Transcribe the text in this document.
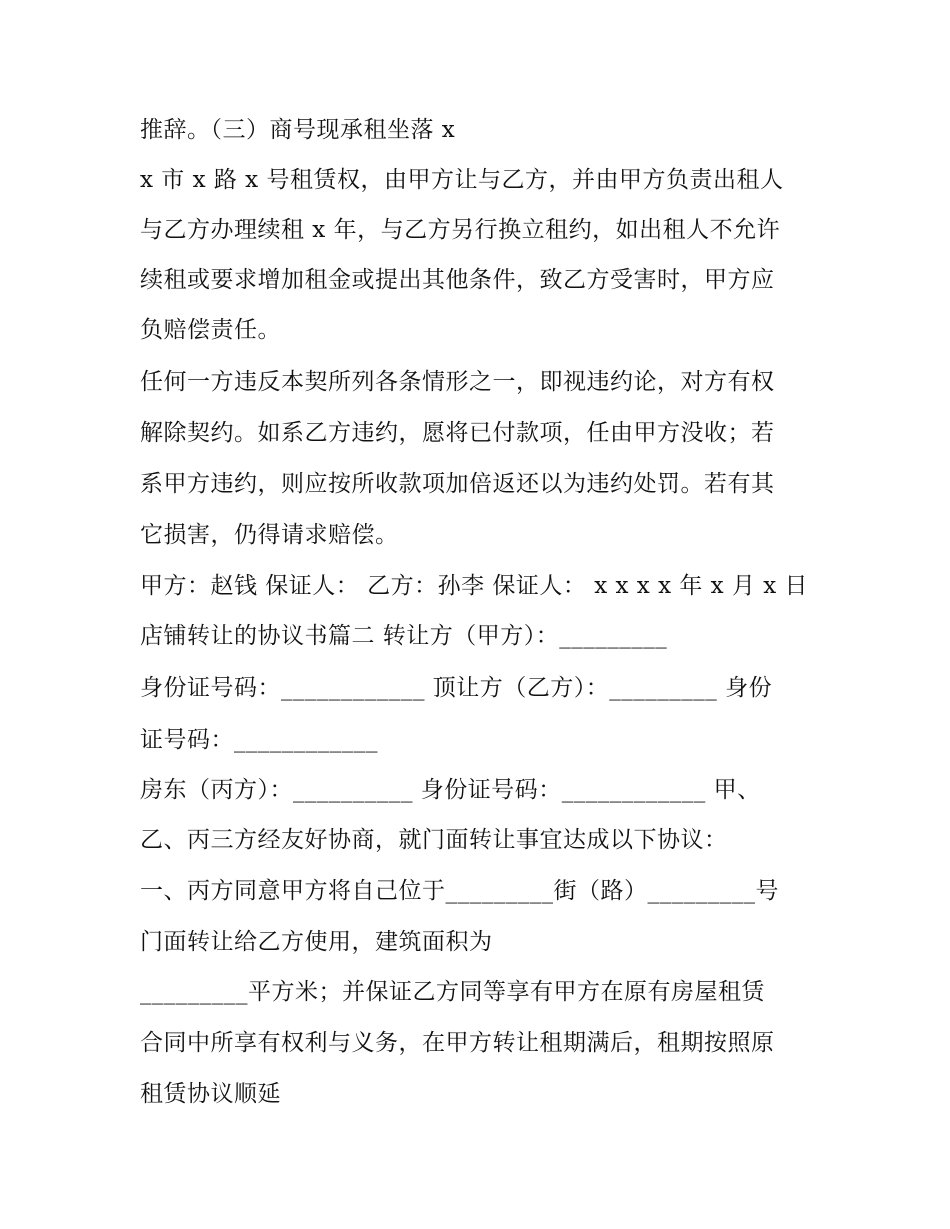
推辞。（三）商号现承租坐落 x
x 市 x 路 x 号租赁权，由甲方让与乙方，并由甲方负责出租人
与乙方办理续租 x 年，与乙方另行换立租约，如出租人不允许
续租或要求增加租金或提出其他条件，致乙方受害时，甲方应
负赔偿责任。
任何一方违反本契所列各条情形之一，即视违约论，对方有权
解除契约。如系乙方违约，愿将已付款项，任由甲方没收；若
系甲方违约，则应按所收款项加倍返还以为违约处罚。若有其
它损害，仍得请求赔偿。
甲方：赵钱 保证人： 乙方：孙李 保证人： x x x x 年 x 月 x 日
店铺转让的协议书篇二 转让方（甲方）：_________
身份证号码：____________ 顶让方（乙方）：_________ 身份
证号码：____________
房东（丙方）：__________ 身份证号码：____________ 甲、
乙、丙三方经友好协商，就门面转让事宜达成以下协议：
一、丙方同意甲方将自己位于_________街（路）_________号
门面转让给乙方使用，建筑面积为
_________平方米；并保证乙方同等享有甲方在原有房屋租赁
合同中所享有权利与义务，在甲方转让租期满后，租期按照原
租赁协议顺延
